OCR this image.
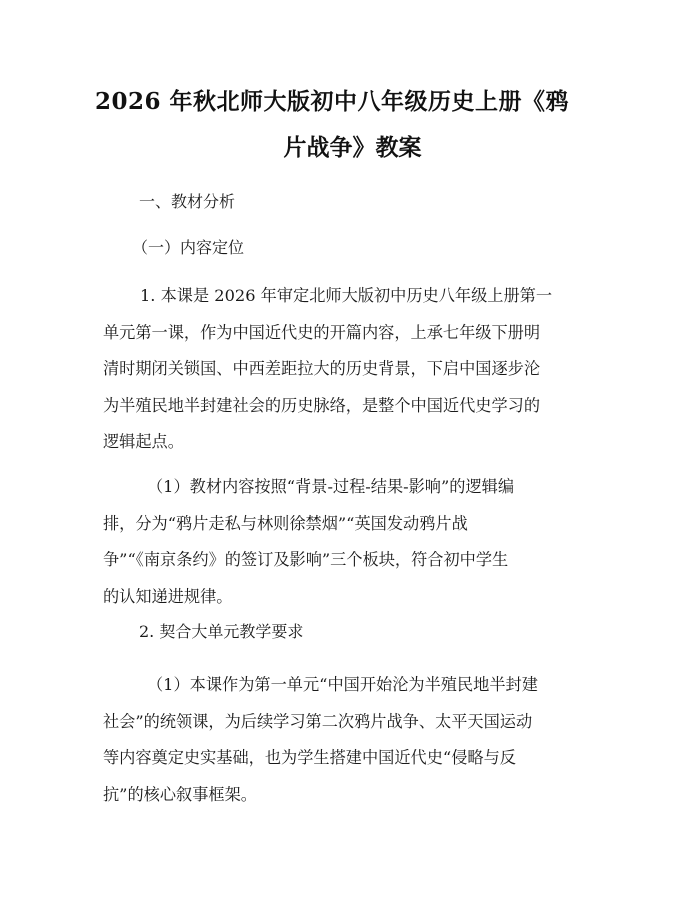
2026 年秋北师大版初中八年级历史上册《鸦
片战争》教案
一、教材分析
（一）内容定位
1. 本课是 2026 年审定北师大版初中历史八年级上册第一
单元第一课，作为中国近代史的开篇内容，上承七年级下册明
清时期闭关锁国、中西差距拉大的历史背景，下启中国逐步沦
为半殖民地半封建社会的历史脉络，是整个中国近代史学习的
逻辑起点。
（1）教材内容按照“背景-过程-结果-影响”的逻辑编
排，分为“鸦片走私与林则徐禁烟”“英国发动鸦片战
争”“《南京条约》的签订及影响”三个板块，符合初中学生
的认知递进规律。
2. 契合大单元教学要求
（1）本课作为第一单元“中国开始沦为半殖民地半封建
社会”的统领课，为后续学习第二次鸦片战争、太平天国运动
等内容奠定史实基础，也为学生搭建中国近代史“侵略与反
抗”的核心叙事框架。
